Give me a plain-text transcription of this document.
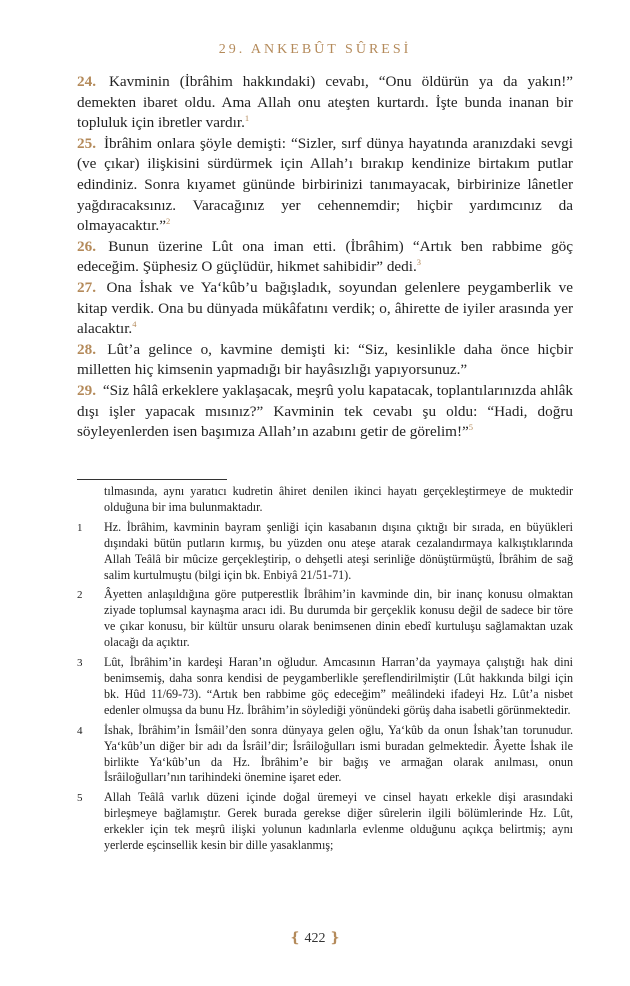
29. ANKEBÛT SÛRESİ
24. Kavminin (İbrâhim hakkındaki) cevabı, “Onu öldürün ya da yakın!” demekten ibaret oldu. Ama Allah onu ateşten kurtardı. İşte bunda inanan bir topluluk için ibretler vardır.$^1$
25. İbrâhim onlara şöyle demişti: “Sizler, sırf dünya hayatında aranızdaki sevgi (ve çıkar) ilişkisini sürdürmek için Allah’ı bırakıp kendinize birtakım putlar edindiniz. Sonra kıyamet gününde birbirinizi tanımayacak, birbirinize lânetler yağdıracaksınız. Varacağınız yer cehennemdir; hiçbir yardımcınız da olmayacaktır.”$^2$
26. Bunun üzerine Lût ona iman etti. (İbrâhim) “Artık ben rabbime göç edeceğim. Şüphesiz O güçlüdür, hikmet sahibidir” dedi.$^3$
27. Ona İshak ve Ya‘kûb’u bağışladık, soyundan gelenlere peygamberlik ve kitap verdik. Ona bu dünyada mükâfatını verdik; o, âhirette de iyiler arasında yer alacaktır.$^4$
28. Lût’a gelince o, kavmine demişti ki: “Siz, kesinlikle daha önce hiçbir milletten hiç kimsenin yapmadığı bir hayâsızlığı yapıyorsunuz.”
29. “Siz hâlâ erkeklere yaklaşacak, meşrû yolu kapatacak, toplantılarınızda ahlâk dışı işler yapacak mısınız?” Kavminin tek cevabı şu oldu: “Hadi, doğru söyleyenlerden isen başımıza Allah’ın azabını getir de görelim!”$^5$
tılmasında, aynı yaratıcı kudretin âhiret denilen ikinci hayatı gerçekleştirmeye de muktedir olduğuna bir ima bulunmaktadır.
1	Hz. İbrâhim, kavminin bayram şenliği için kasabanın dışına çıktığı bir sırada, en büyükleri dışındaki bütün putların kırmış, bu yüzden onu ateşe atarak cezalandırmaya kalkıştıklarında Allah Teâlâ bir mûcize gerçekleştirip, o dehşetli ateşi serinliğe dönüştürmüştü, İbrâhim de sağ salim kurtulmuştu (bilgi için bk. Enbiyâ 21/51-71).
2	Âyetten anlaşıldığına göre putperestlik İbrâhim’in kavminde din, bir inanç konusu olmaktan ziyade toplumsal kaynaşma aracı idi. Bu durumda bir gerçeklik konusu değil de sadece bir töre ve çıkar konusu, bir kültür unsuru olarak benimsenen dinin ebedî kurtuluşu sağlamaktan uzak olacağı da açıktır.
3	Lût, İbrâhim’in kardeşi Haran’ın oğludur. Amcasının Harran’da yaymaya çalıştığı hak dini benimsemiş, daha sonra kendisi de peygamberlikle şereflendirilmiştir (Lût hakkında bilgi için bk. Hûd 11/69-73). “Artık ben rabbime göç edeceğim” meâlindeki ifadeyi Hz. Lût’a nisbet edenler olmuşsa da bunu Hz. İbrâhim’in söylediği yönündeki görüş daha isabetli görünmektedir.
4	İshak, İbrâhim’in İsmâil’den sonra dünyaya gelen oğlu, Ya‘kûb da onun İshak’tan torunudur. Ya‘kûb’un diğer bir adı da İsrâil’dir; İsrâiloğulları ismi buradan gelmektedir. Âyette İshak ile birlikte Ya‘kûb’un da Hz. İbrâhim’e bir bağış ve armağan olarak anılması, onun İsrâiloğulları’nın tarihindeki önemine işaret eder.
5	Allah Teâlâ varlık düzeni içinde doğal üremeyi ve cinsel hayatı erkekle dişi arasındaki birleşmeye bağlamıştır. Gerek burada gerekse diğer sûrelerin ilgili bölümlerinde Hz. Lût, erkekler için tek meşrû ilişki yolunun kadınlarla evlenme olduğunu açıkça belirtmiş; aynı yerlerde eşcinsellik kesin bir dille yasaklanmış;
❴ 422 ❵
